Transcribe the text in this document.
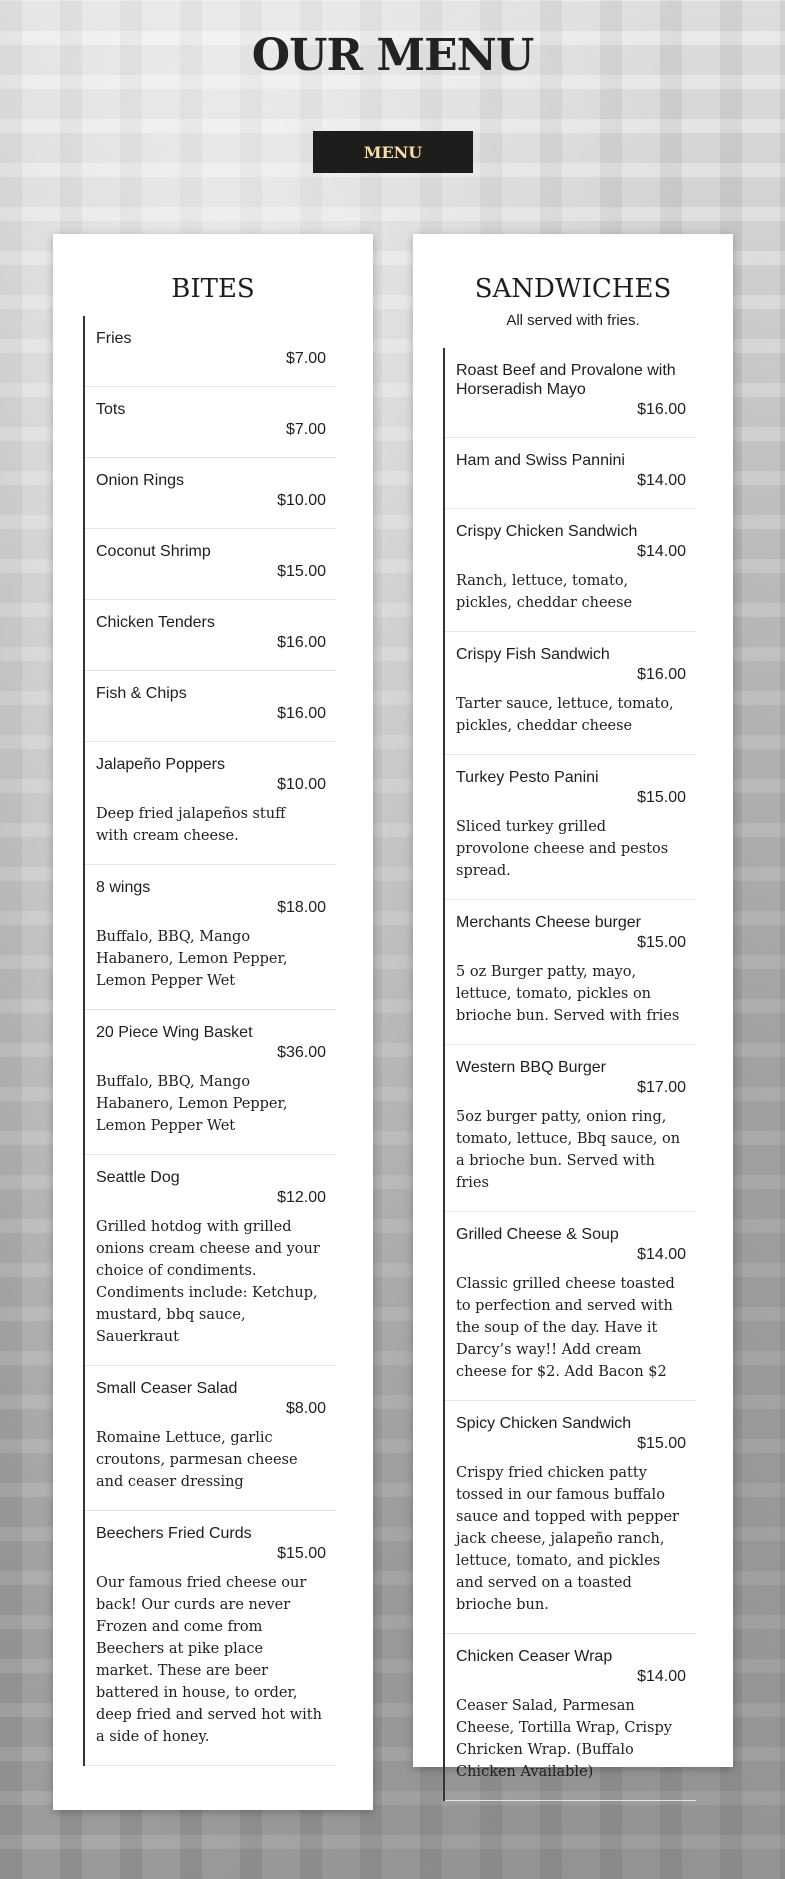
OUR MENU
MENU
BITES
Fries
$7.00
Tots
$7.00
Onion Rings
$10.00
Coconut Shrimp
$15.00
Chicken Tenders
$16.00
Fish & Chips
$16.00
Jalapeño Poppers
$10.00
Deep fried jalapeños stuff with cream cheese.
8 wings
$18.00
Buffalo, BBQ, Mango Habanero, Lemon Pepper, Lemon Pepper Wet
20 Piece Wing Basket
$36.00
Buffalo, BBQ, Mango Habanero, Lemon Pepper, Lemon Pepper Wet
Seattle Dog
$12.00
Grilled hotdog with grilled onions cream cheese and your choice of condiments. Condiments include: Ketchup, mustard, bbq sauce, Sauerkraut
Small Ceaser Salad
$8.00
Romaine Lettuce, garlic croutons, parmesan cheese and ceaser dressing
Beechers Fried Curds
$15.00
Our famous fried cheese our back! Our curds are never Frozen and come from Beechers at pike place market. These are beer battered in house, to order, deep fried and served hot with a side of honey.
SANDWICHES
All served with fries.
Roast Beef and Provalone with Horseradish Mayo
$16.00
Ham and Swiss Pannini
$14.00
Crispy Chicken Sandwich
$14.00
Ranch, lettuce, tomato, pickles, cheddar cheese
Crispy Fish Sandwich
$16.00
Tarter sauce, lettuce, tomato, pickles, cheddar cheese
Turkey Pesto Panini
$15.00
Sliced turkey grilled provolone cheese and pestos spread.
Merchants Cheese burger
$15.00
5 oz Burger patty, mayo, lettuce, tomato, pickles on brioche bun. Served with fries
Western BBQ Burger
$17.00
5oz burger patty, onion ring, tomato, lettuce, Bbq sauce, on a brioche bun. Served with fries
Grilled Cheese & Soup
$14.00
Classic grilled cheese toasted to perfection and served with the soup of the day. Have it Darcy’s way!! Add cream cheese for $2. Add Bacon $2
Spicy Chicken Sandwich
$15.00
Crispy fried chicken patty tossed in our famous buffalo sauce and topped with pepper jack cheese, jalapeño ranch, lettuce, tomato, and pickles and served on a toasted brioche bun.
Chicken Ceaser Wrap
$14.00
Ceaser Salad, Parmesan Cheese, Tortilla Wrap, Crispy Chricken Wrap. (Buffalo Chicken Available)
